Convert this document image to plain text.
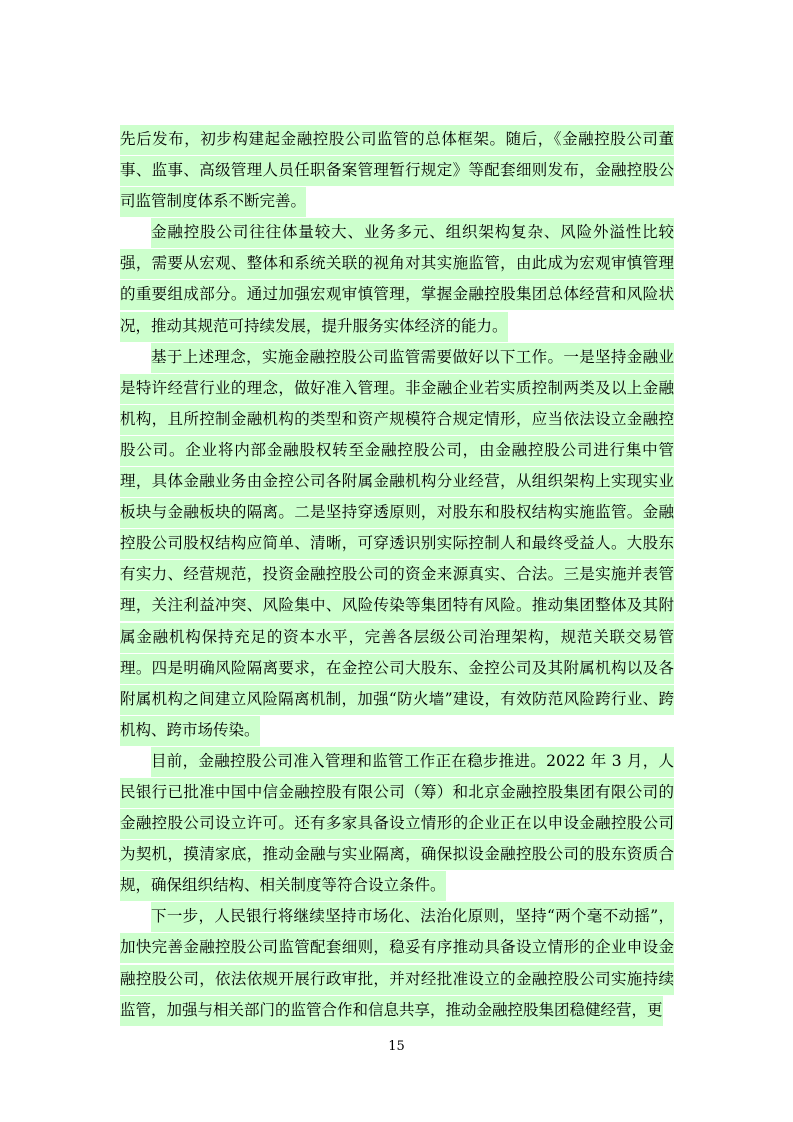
先后发布，初步构建起金融控股公司监管的总体框架。随后，《金融控股公司董事、监事、高级管理人员任职备案管理暂行规定》等配套细则发布，金融控股公司监管制度体系不断完善。

金融控股公司往往体量较大、业务多元、组织架构复杂、风险外溢性比较强，需要从宏观、整体和系统关联的视角对其实施监管，由此成为宏观审慎管理的重要组成部分。通过加强宏观审慎管理，掌握金融控股集团总体经营和风险状况，推动其规范可持续发展，提升服务实体经济的能力。

基于上述理念，实施金融控股公司监管需要做好以下工作。一是坚持金融业是特许经营行业的理念，做好准入管理。非金融企业若实质控制两类及以上金融机构，且所控制金融机构的类型和资产规模符合规定情形，应当依法设立金融控股公司。企业将内部金融股权转至金融控股公司，由金融控股公司进行集中管理，具体金融业务由金控公司各附属金融机构分业经营，从组织架构上实现实业板块与金融板块的隔离。二是坚持穿透原则，对股东和股权结构实施监管。金融控股公司股权结构应简单、清晰，可穿透识别实际控制人和最终受益人。大股东有实力、经营规范，投资金融控股公司的资金来源真实、合法。三是实施并表管理，关注利益冲突、风险集中、风险传染等集团特有风险。推动集团整体及其附属金融机构保持充足的资本水平，完善各层级公司治理架构，规范关联交易管理。四是明确风险隔离要求，在金控公司大股东、金控公司及其附属机构以及各附属机构之间建立风险隔离机制，加强“防火墙”建设，有效防范风险跨行业、跨机构、跨市场传染。

目前，金融控股公司准入管理和监管工作正在稳步推进。2022 年 3 月，人民银行已批准中国中信金融控股有限公司（筹）和北京金融控股集团有限公司的金融控股公司设立许可。还有多家具备设立情形的企业正在以申设金融控股公司为契机，摸清家底，推动金融与实业隔离，确保拟设金融控股公司的股东资质合规，确保组织结构、相关制度等符合设立条件。

下一步，人民银行将继续坚持市场化、法治化原则，坚持“两个毫不动摇”，加快完善金融控股公司监管配套细则，稳妥有序推动具备设立情形的企业申设金融控股公司，依法依规开展行政审批，并对经批准设立的金融控股公司实施持续监管，加强与相关部门的监管合作和信息共享，推动金融控股集团稳健经营，更

15
